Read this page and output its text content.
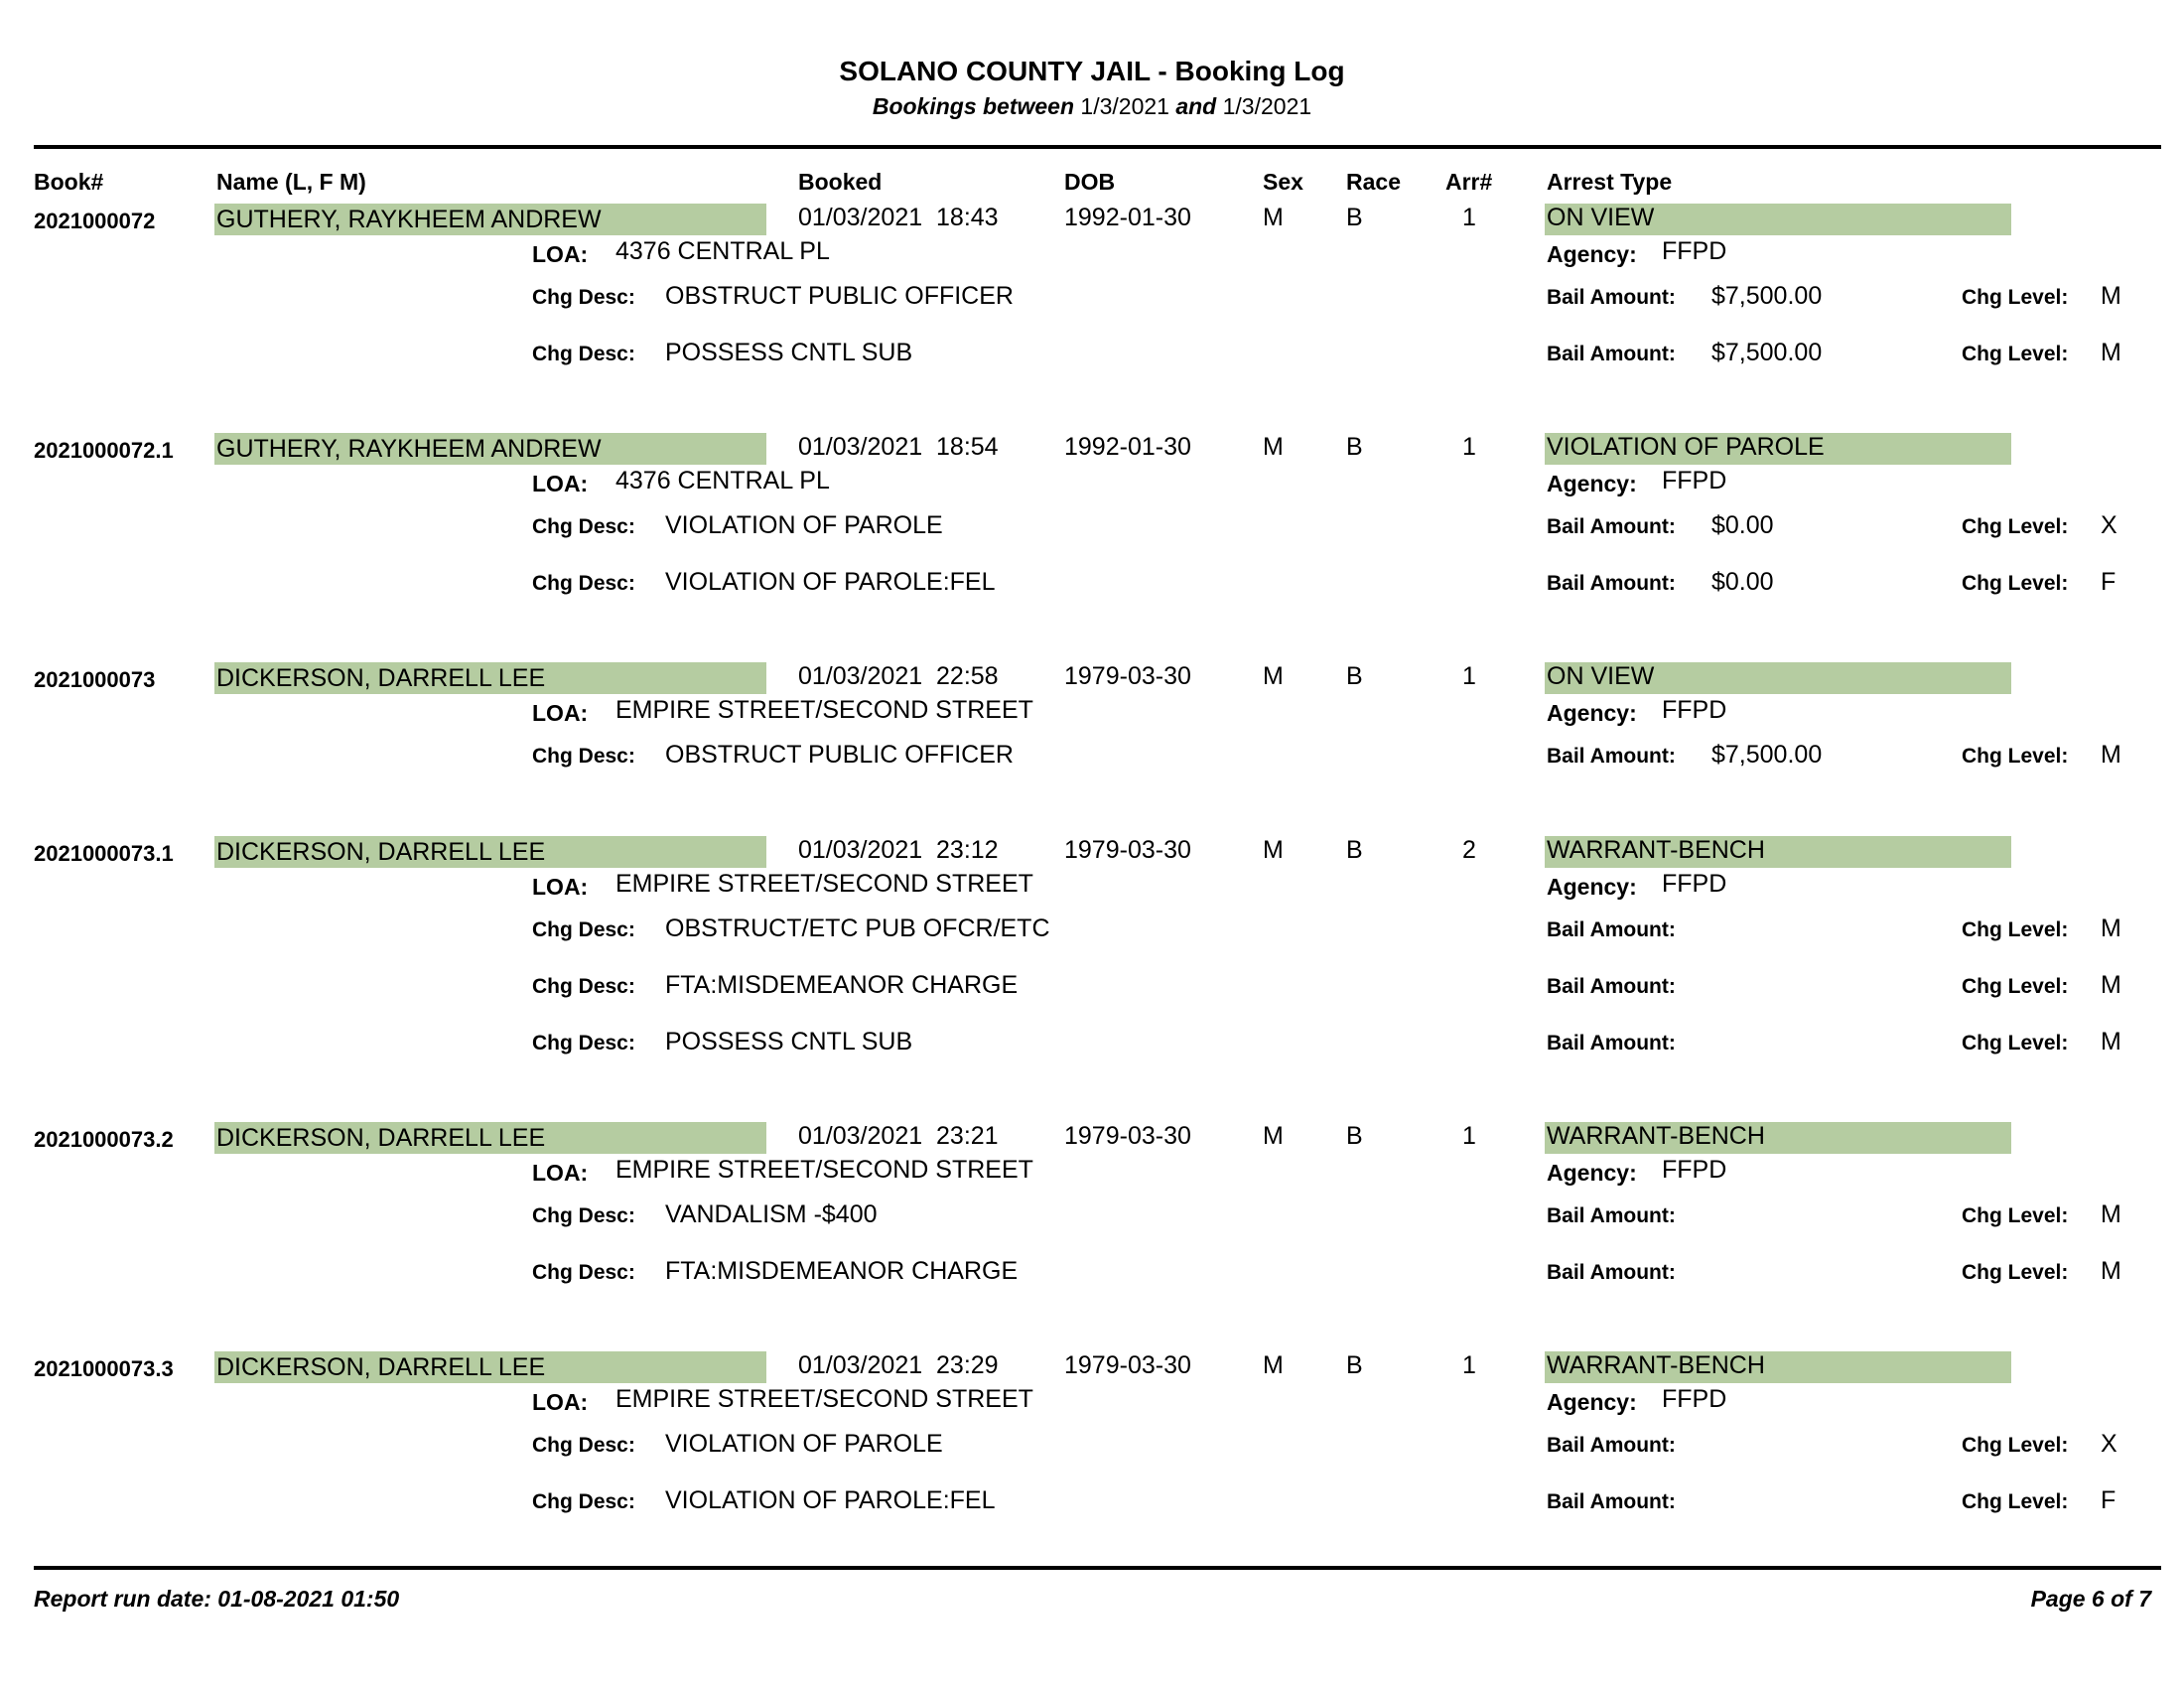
SOLANO COUNTY JAIL - Booking Log
Bookings between 1/3/2021 and 1/3/2021
Book#	Name (L, F M)	Booked	DOB	Sex Race Arr# Arrest Type
2021000072 GUTHERY, RAYKHEEM ANDREW	01/03/2021  18:43	1992-01-30	M	B	1	ON VIEW
LOA: 4376 CENTRAL PL	Agency: FFPD
Chg Desc: OBSTRUCT PUBLIC OFFICER	Bail Amount: $7,500.00	Chg Level: M
Chg Desc: POSSESS CNTL SUB	Bail Amount: $7,500.00	Chg Level: M
2021000072.1 GUTHERY, RAYKHEEM ANDREW	01/03/2021  18:54	1992-01-30	M	B	1	VIOLATION OF PAROLE
LOA: 4376 CENTRAL PL	Agency: FFPD
Chg Desc: VIOLATION OF PAROLE	Bail Amount: $0.00	Chg Level: X
Chg Desc: VIOLATION OF PAROLE:FEL	Bail Amount: $0.00	Chg Level: F
2021000073 DICKERSON, DARRELL LEE	01/03/2021  22:58	1979-03-30	M	B	1	ON VIEW
LOA: EMPIRE STREET/SECOND STREET	Agency: FFPD
Chg Desc: OBSTRUCT PUBLIC OFFICER	Bail Amount: $7,500.00	Chg Level: M
2021000073.1 DICKERSON, DARRELL LEE	01/03/2021  23:12	1979-03-30	M	B	2	WARRANT-BENCH
LOA: EMPIRE STREET/SECOND STREET	Agency: FFPD
Chg Desc: OBSTRUCT/ETC PUB OFCR/ETC	Bail Amount:	Chg Level: M
Chg Desc: FTA:MISDEMEANOR CHARGE	Bail Amount:	Chg Level: M
Chg Desc: POSSESS CNTL SUB	Bail Amount:	Chg Level: M
2021000073.2 DICKERSON, DARRELL LEE	01/03/2021  23:21	1979-03-30	M	B	1	WARRANT-BENCH
LOA: EMPIRE STREET/SECOND STREET	Agency: FFPD
Chg Desc: VANDALISM -$400	Bail Amount:	Chg Level: M
Chg Desc: FTA:MISDEMEANOR CHARGE	Bail Amount:	Chg Level: M
2021000073.3 DICKERSON, DARRELL LEE	01/03/2021  23:29	1979-03-30	M	B	1	WARRANT-BENCH
LOA: EMPIRE STREET/SECOND STREET	Agency: FFPD
Chg Desc: VIOLATION OF PAROLE	Bail Amount:	Chg Level: X
Chg Desc: VIOLATION OF PAROLE:FEL	Bail Amount:	Chg Level: F
Report run date: 01-08-2021 01:50	Page 6 of 7
